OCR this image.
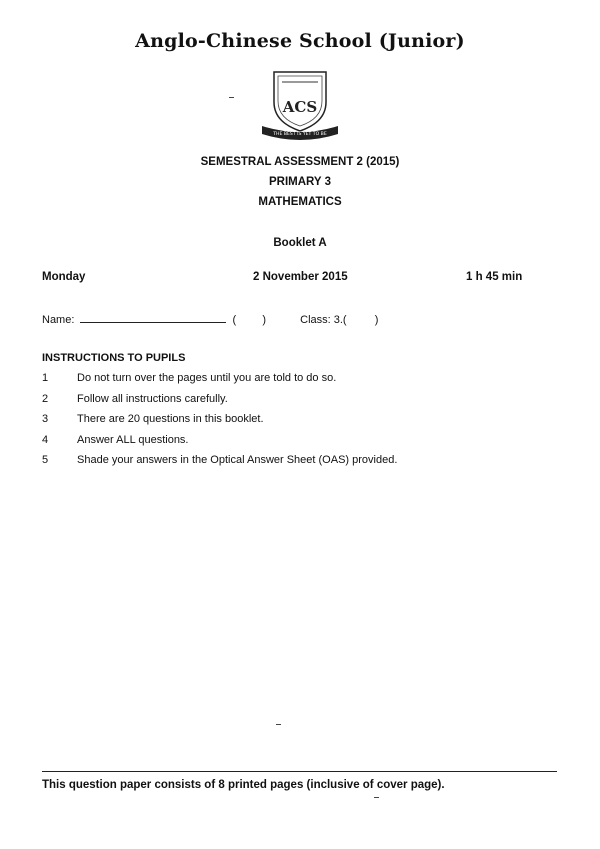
Anglo-Chinese School (Junior)
ACS
THE BEST IS YET TO BE
SEMESTRAL ASSESSMENT 2 (2015)
PRIMARY 3
MATHEMATICS
Booklet A
Monday	2 November 2015	1 h 45 min
Name:	( )	Class: 3.(	)
INSTRUCTIONS TO PUPILS
1	Do not turn over the pages until you are told to do so.
2	Follow all instructions carefully.
3	There are 20 questions in this booklet.
4	Answer ALL questions.
5	Shade your answers in the Optical Answer Sheet (OAS) provided.
This question paper consists of 8 printed pages (inclusive of cover page).
